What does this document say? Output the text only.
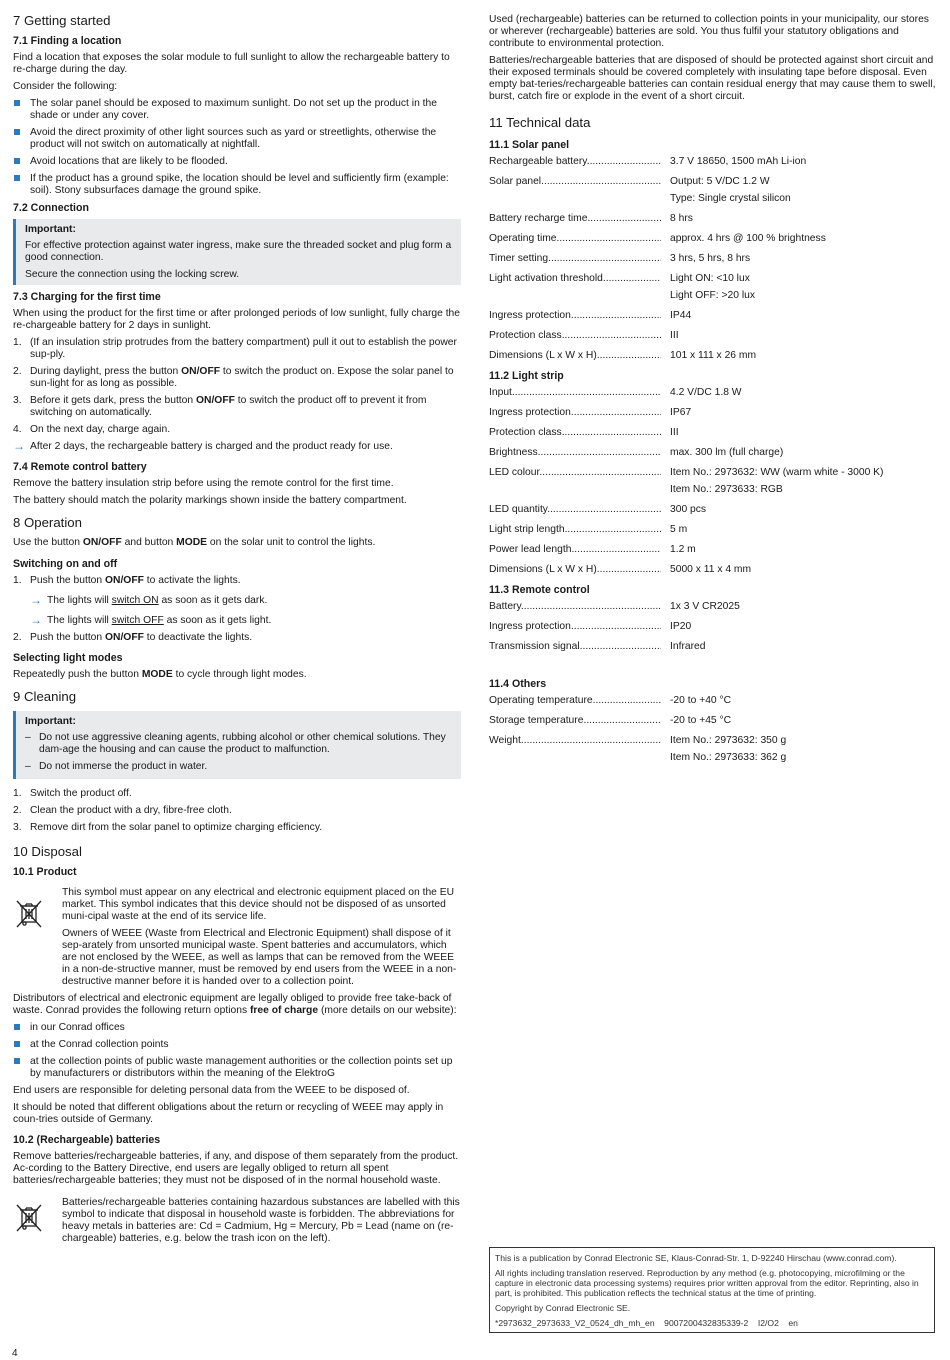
7 Getting started
7.1 Finding a location

Find a location that exposes the solar module to full sunlight to allow the rechargeable battery to re-charge during the day.

Consider the following:

The solar panel should be exposed to maximum sunlight. Do not set up the product in the shade or under any cover.
Avoid the direct proximity of other light sources such as yard or streetlights, otherwise the product will not switch on automatically at nightfall.
Avoid locations that are likely to be flooded.
If the product has a ground spike, the location should be level and sufficiently firm (example: soil). Stony subsurfaces damage the ground spike.
7.2 Connection
Important:

For effective protection against water ingress, make sure the threaded socket and plug form a good connection.

Secure the connection using the locking screw.

7.3 Charging for the first time

When using the product for the first time or after prolonged periods of low sunlight, fully charge the re-chargeable battery for 2 days in sunlight.

1. (If an insulation strip protrudes from the battery compartment) pull it out to establish the power sup-ply.
2. During daylight, press the button ON/OFF to switch the product on. Expose the solar panel to sun-light for as long as possible.
3. Before it gets dark, press the button ON/OFF to switch the product off to prevent it from switching on automatically.
4. On the next day, charge again.
→ After 2 days, the rechargeable battery is charged and the product ready for use.
7.4 Remote control battery

Remove the battery insulation strip before using the remote control for the first time.

The battery should match the polarity markings shown inside the battery compartment.

8 Operation

Use the button ON/OFF and button MODE on the solar unit to control the lights.

Switching on and off
1. Push the button ON/OFF to activate the lights.
→ The lights will switch ON as soon as it gets dark.
→ The lights will switch OFF as soon as it gets light.
2. Push the button ON/OFF to deactivate the lights.
Selecting light modes

Repeatedly push the button MODE to cycle through light modes.

9 Cleaning
Important:
– Do not use aggressive cleaning agents, rubbing alcohol or other chemical solutions. They dam-age the housing and can cause the product to malfunction.
– Do not immerse the product in water.
1. Switch the product off.
2. Clean the product with a dry, fibre-free cloth.
3. Remove dirt from the solar panel to optimize charging efficiency.
10 Disposal
10.1 Product

This symbol must appear on any electrical and electronic equipment placed on the EU market. This symbol indicates that this device should not be disposed of as unsorted muni-cipal waste at the end of its service life.

Owners of WEEE (Waste from Electrical and Electronic Equipment) shall dispose of it sep-arately from unsorted municipal waste. Spent batteries and accumulators, which are not enclosed by the WEEE, as well as lamps that can be removed from the WEEE in a non-de-structive manner, must be removed by end users from the WEEE in a non-destructive manner before it is handed over to a collection point.

Distributors of electrical and electronic equipment are legally obliged to provide free take-back of waste. Conrad provides the following return options free of charge (more details on our website):

in our Conrad offices
at the Conrad collection points
at the collection points of public waste management authorities or the collection points set up by manufacturers or distributors within the meaning of the ElektroG

End users are responsible for deleting personal data from the WEEE to be disposed of.

It should be noted that different obligations about the return or recycling of WEEE may apply in coun-tries outside of Germany.

10.2 (Rechargeable) batteries

Remove batteries/rechargeable batteries, if any, and dispose of them separately from the product. Ac-cording to the Battery Directive, end users are legally obliged to return all spent batteries/rechargeable batteries; they must not be disposed of in the normal household waste.

Batteries/rechargeable batteries containing hazardous substances are labelled with this symbol to indicate that disposal in household waste is forbidden. The abbreviations for heavy metals in batteries are: Cd = Cadmium, Hg = Mercury, Pb = Lead (name on (re-chargeable) batteries, e.g. below the trash icon on the left).

Used (rechargeable) batteries can be returned to collection points in your municipality, our stores or wherever (rechargeable) batteries are sold. You thus fulfil your statutory obligations and contribute to environmental protection.

Batteries/rechargeable batteries that are disposed of should be protected against short circuit and their exposed terminals should be covered completely with insulating tape before disposal. Even empty bat-teries/rechargeable batteries can contain residual energy that may cause them to swell, burst, catch fire or explode in the event of a short circuit.

11 Technical data
11.1 Solar panel
Rechargeable battery .....	3.7 V 18650, 1500 mAh Li-ion
Solar panel .....	Output: 5 V/DC 1.2 W
Type: Single crystal silicon
Battery recharge time .....	8 hrs
Operating time .....	approx. 4 hrs @ 100 % brightness
Timer setting .....	3 hrs, 5 hrs, 8 hrs
Light activation threshold .....	Light ON: <10 lux
Light OFF: >20 lux
Ingress protection .....	IP44
Protection class .....	III
Dimensions (L x W x H) .....	101 x 111 x 26 mm
11.2 Light strip
Input .....	4.2 V/DC 1.8 W
Ingress protection .....	IP67
Protection class .....	III
Brightness .....	max. 300 lm (full charge)
LED colour .....	Item No.: 2973632: WW (warm white - 3000 K)
Item No.: 2973633: RGB
LED quantity .....	300 pcs
Light strip length .....	5 m
Power lead length .....	1.2 m
Dimensions (L x W x H) .....	5000 x 11 x 4 mm
11.3 Remote control
Battery .....	1x 3 V CR2025
Ingress protection .....	IP20
Transmission signal .....	Infrared
11.4 Others
Operating temperature .....	-20 to +40 °C
Storage temperature .....	-20 to +45 °C
Weight .....	Item No.: 2973632: 350 g
Item No.: 2973633: 362 g

This is a publication by Conrad Electronic SE, Klaus-Conrad-Str. 1, D-92240 Hirschau (www.conrad.com).

All rights including translation reserved. Reproduction by any method (e.g. photocopying, microfilming or the capture in electronic data processing systems) requires prior written approval from the editor. Reprinting, also in part, is prohibited. This publication reflects the technical status at the time of printing.

Copyright by Conrad Electronic SE.

*2973632_2973633_V2_0524_dh_mh_en    9007200432835339-2    I2/O2    en

4
